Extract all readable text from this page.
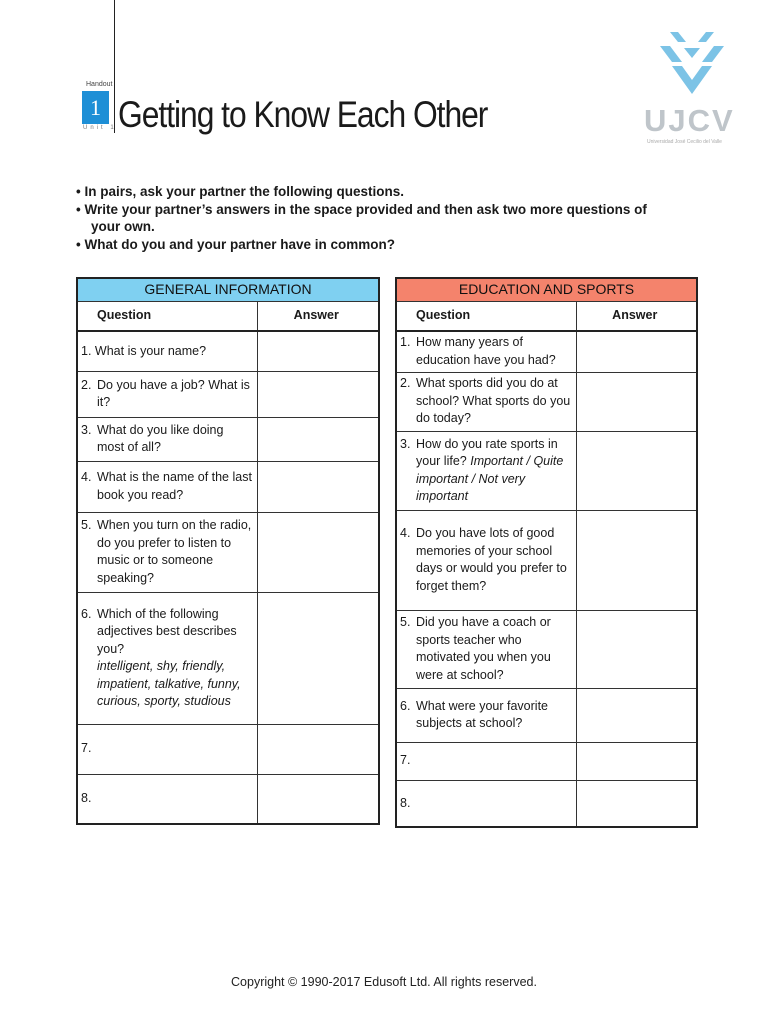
Handout
1
Unit 1 Getting to Know Each Other	UJCV
Universidad José Cecilio del Valle
• In pairs, ask your partner the following questions.
• Write your partner’s answers in the space provided and then ask two more questions of
your own.
• What do you and your partner have in common?
GENERAL INFORMATION	
Question	Answer
1. What is your name?	

2. Do you have a job? What is it?	

3. What do you like doing most of all?	

4. What is the name of the last book you read?	

5. When you turn on the radio, do you prefer to listen to music or to someone speaking?	

6. Which of the following adjectives best describes you?
intelligent, shy, friendly, impatient, talkative, funny, curious, sporty, studious	

7.	
8.	
EDUCATION AND SPORTS	
Question	Answer

1. How many years of education have you had?	

2. What sports did you do at school? What sports do you do today?	

3. How do you rate sports in your life? Important / Quite important / Not very important	

4. Do you have lots of good memories of your school days or would you prefer to forget them?	

5. Did you have a coach or sports teacher who motivated you when you were at school?	

6. What were your favorite subjects at school?	

7.	
8.	
Copyright © 1990-2017 Edusoft Ltd. All rights reserved.
